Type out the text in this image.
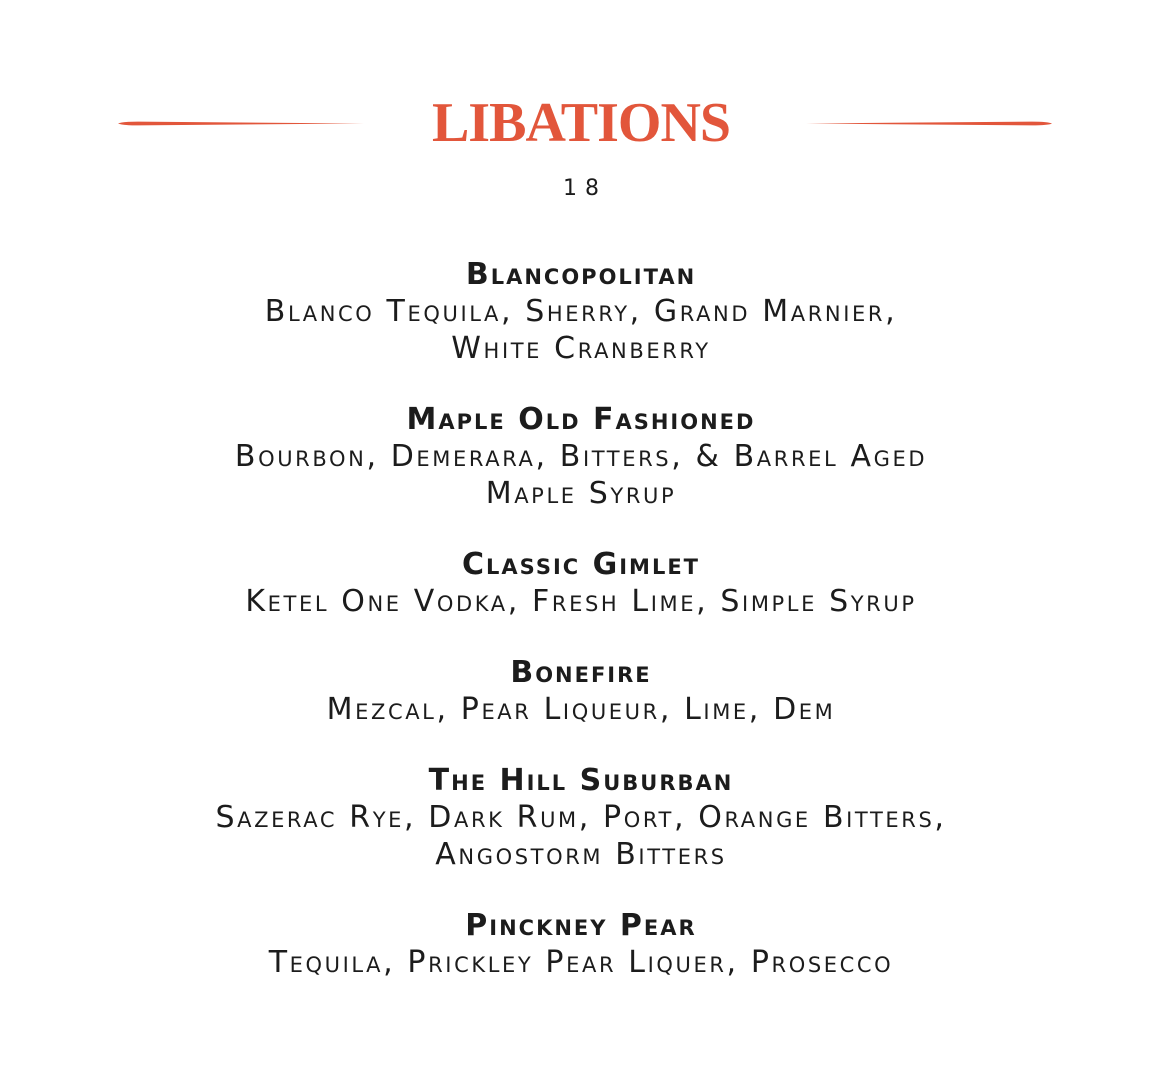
LIBATIONS
18
Blancopolitan
Blanco Tequila, Sherry, Grand Marnier,
White Cranberry
Maple Old Fashioned
Bourbon, Demerara, Bitters, & Barrel Aged
Maple Syrup
Classic Gimlet
Ketel One Vodka, Fresh Lime, Simple Syrup
Bonefire
Mezcal, Pear Liqueur, Lime, Dem
The Hill Suburban
Sazerac Rye, Dark Rum, Port, Orange Bitters,
Angostorm Bitters
Pinckney Pear
Tequila, Prickley Pear Liquer, Prosecco
